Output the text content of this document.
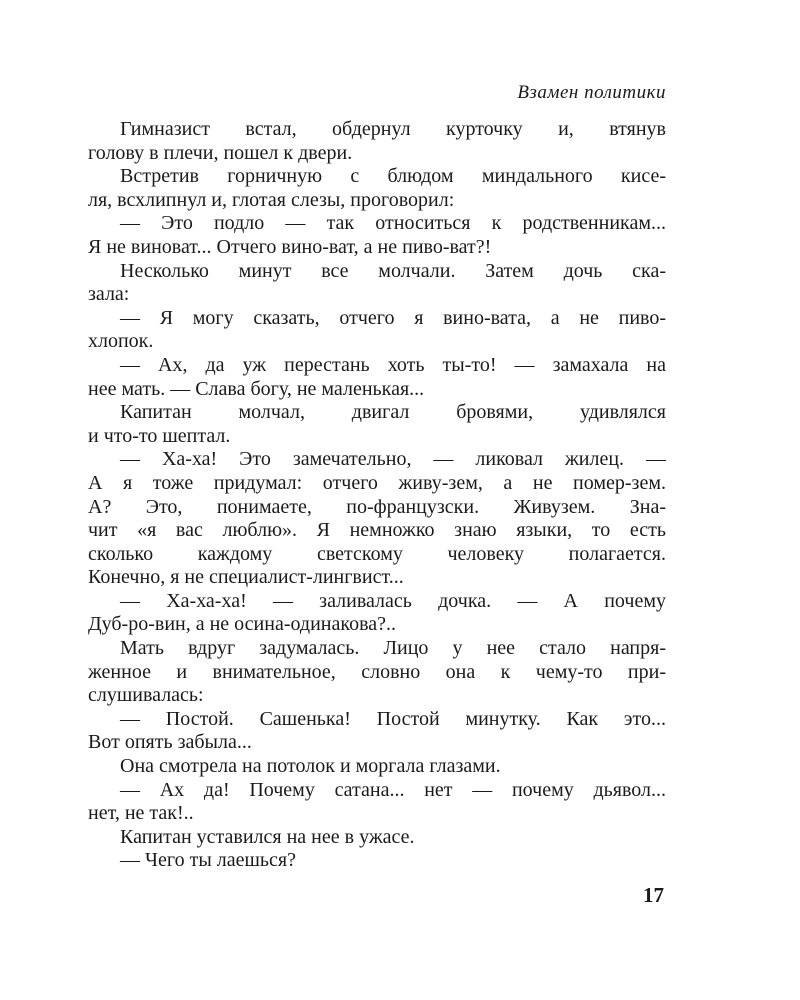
Взамен политики
Гимназист встал, обдернул курточку и, втянув
голову в плечи, пошел к двери.
Встретив горничную с блюдом миндального кисе-
ля, всхлипнул и, глотая слезы, проговорил:
— Это подло — так относиться к родственникам...
Я не виноват... Отчего вино-ват, а не пиво-ват?!
Несколько минут все молчали. Затем дочь ска-
зала:
— Я могу сказать, отчего я вино-вата, а не пиво-
хлопок.
— Ах, да уж перестань хоть ты-то! — замахала на
нее мать. — Слава богу, не маленькая...
Капитан молчал, двигал бровями, удивлялся
и что-то шептал.
— Ха-ха! Это замечательно, — ликовал жилец. —
А я тоже придумал: отчего живу-зем, а не помер-зем.
А? Это, понимаете, по-французски. Живузем. Зна-
чит «я вас люблю». Я немножко знаю языки, то есть
сколько каждому светскому человеку полагается.
Конечно, я не специалист-лингвист...
— Ха-ха-ха! — заливалась дочка. — А почему
Дуб-ро-вин, а не осина-одинакова?..
Мать вдруг задумалась. Лицо у нее стало напря-
женное и внимательное, словно она к чему-то при-
слушивалась:
— Постой. Сашенька! Постой минутку. Как это...
Вот опять забыла...
Она смотрела на потолок и моргала глазами.
— Ах да! Почему сатана... нет — почему дьявол...
нет, не так!..
Капитан уставился на нее в ужасе.
— Чего ты лаешься?
17
